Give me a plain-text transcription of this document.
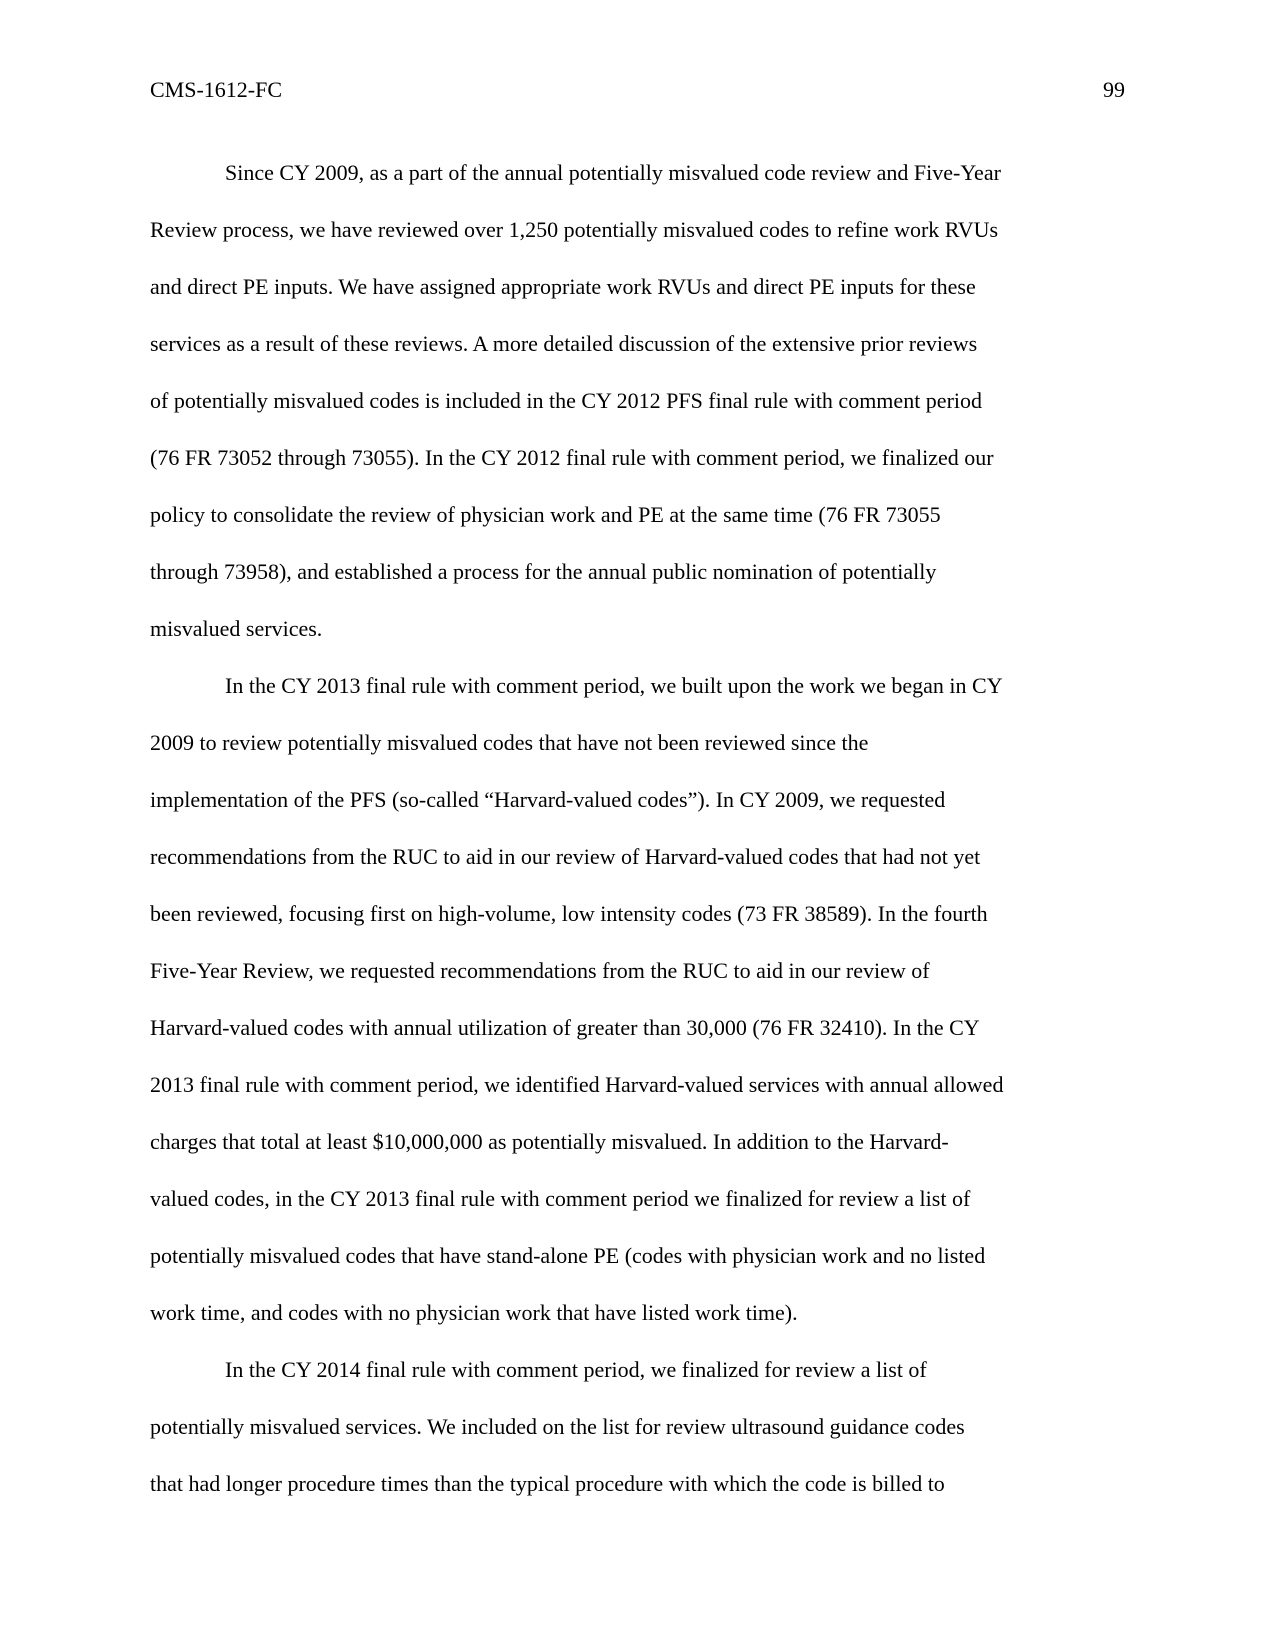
CMS-1612-FC	99
Since CY 2009, as a part of the annual potentially misvalued code review and Five-Year
Review process, we have reviewed over 1,250 potentially misvalued codes to refine work RVUs
and direct PE inputs. We have assigned appropriate work RVUs and direct PE inputs for these
services as a result of these reviews. A more detailed discussion of the extensive prior reviews
of potentially misvalued codes is included in the CY 2012 PFS final rule with comment period
(76 FR 73052 through 73055). In the CY 2012 final rule with comment period, we finalized our
policy to consolidate the review of physician work and PE at the same time (76 FR 73055
through 73958), and established a process for the annual public nomination of potentially
misvalued services.
In the CY 2013 final rule with comment period, we built upon the work we began in CY
2009 to review potentially misvalued codes that have not been reviewed since the
implementation of the PFS (so-called “Harvard-valued codes”). In CY 2009, we requested
recommendations from the RUC to aid in our review of Harvard-valued codes that had not yet
been reviewed, focusing first on high-volume, low intensity codes (73 FR 38589). In the fourth
Five-Year Review, we requested recommendations from the RUC to aid in our review of
Harvard-valued codes with annual utilization of greater than 30,000 (76 FR 32410). In the CY
2013 final rule with comment period, we identified Harvard-valued services with annual allowed
charges that total at least $10,000,000 as potentially misvalued. In addition to the Harvard-
valued codes, in the CY 2013 final rule with comment period we finalized for review a list of
potentially misvalued codes that have stand-alone PE (codes with physician work and no listed
work time, and codes with no physician work that have listed work time).
In the CY 2014 final rule with comment period, we finalized for review a list of
potentially misvalued services. We included on the list for review ultrasound guidance codes
that had longer procedure times than the typical procedure with which the code is billed to
